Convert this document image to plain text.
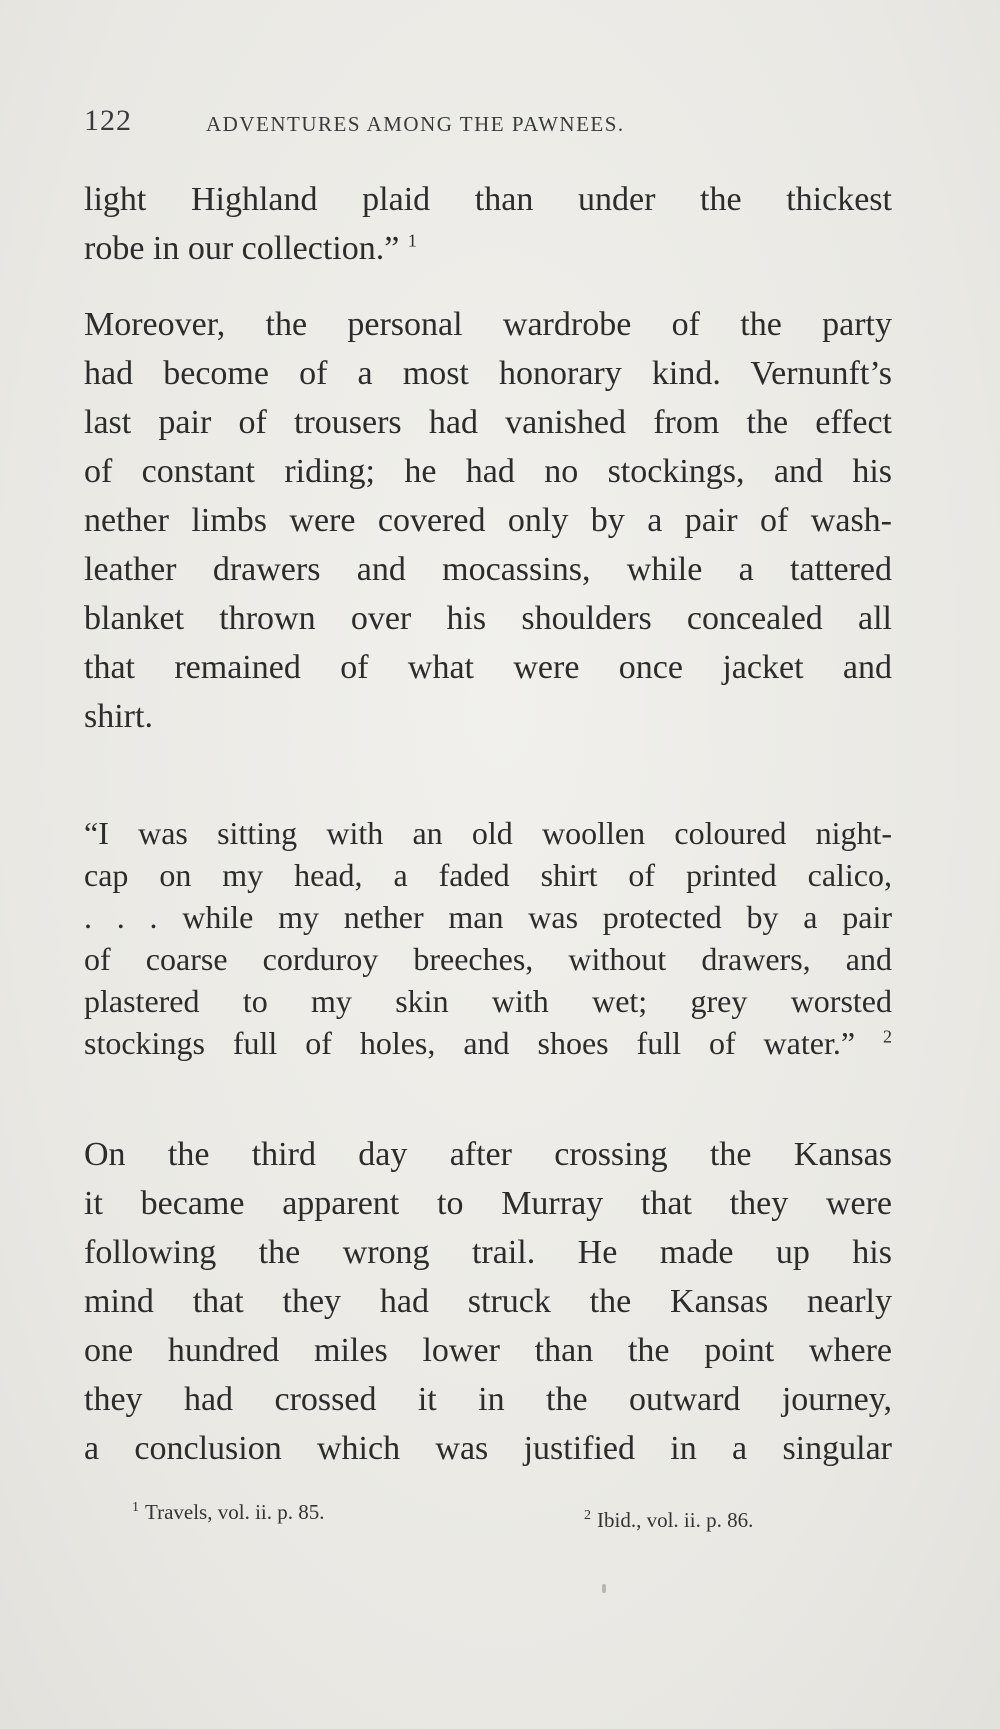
122	ADVENTURES AMONG THE PAWNEES.
light Highland plaid than under the thickest
robe in our collection.” $^1$
Moreover, the personal wardrobe of the party
had become of a most honorary kind. Vernunft’s
last pair of trousers had vanished from the effect
of constant riding; he had no stockings, and his
nether limbs were covered only by a pair of wash-
leather drawers and mocassins, while a tattered
blanket thrown over his shoulders concealed all
that remained of what were once jacket and
shirt.
“I was sitting with an old woollen coloured night-
cap on my head, a faded shirt of printed calico,
. . . while my nether man was protected by a pair
of coarse corduroy breeches, without drawers, and
plastered to my skin with wet; grey worsted
stockings full of holes, and shoes full of water.” $^2$
On the third day after crossing the Kansas
it became apparent to Murray that they were
following the wrong trail. He made up his
mind that they had struck the Kansas nearly
one hundred miles lower than the point where
they had crossed it in the outward journey,
a conclusion which was justified in a singular
$^1$ Travels, vol. ii. p. 85.	$^2$ Ibid., vol. ii. p. 86.
